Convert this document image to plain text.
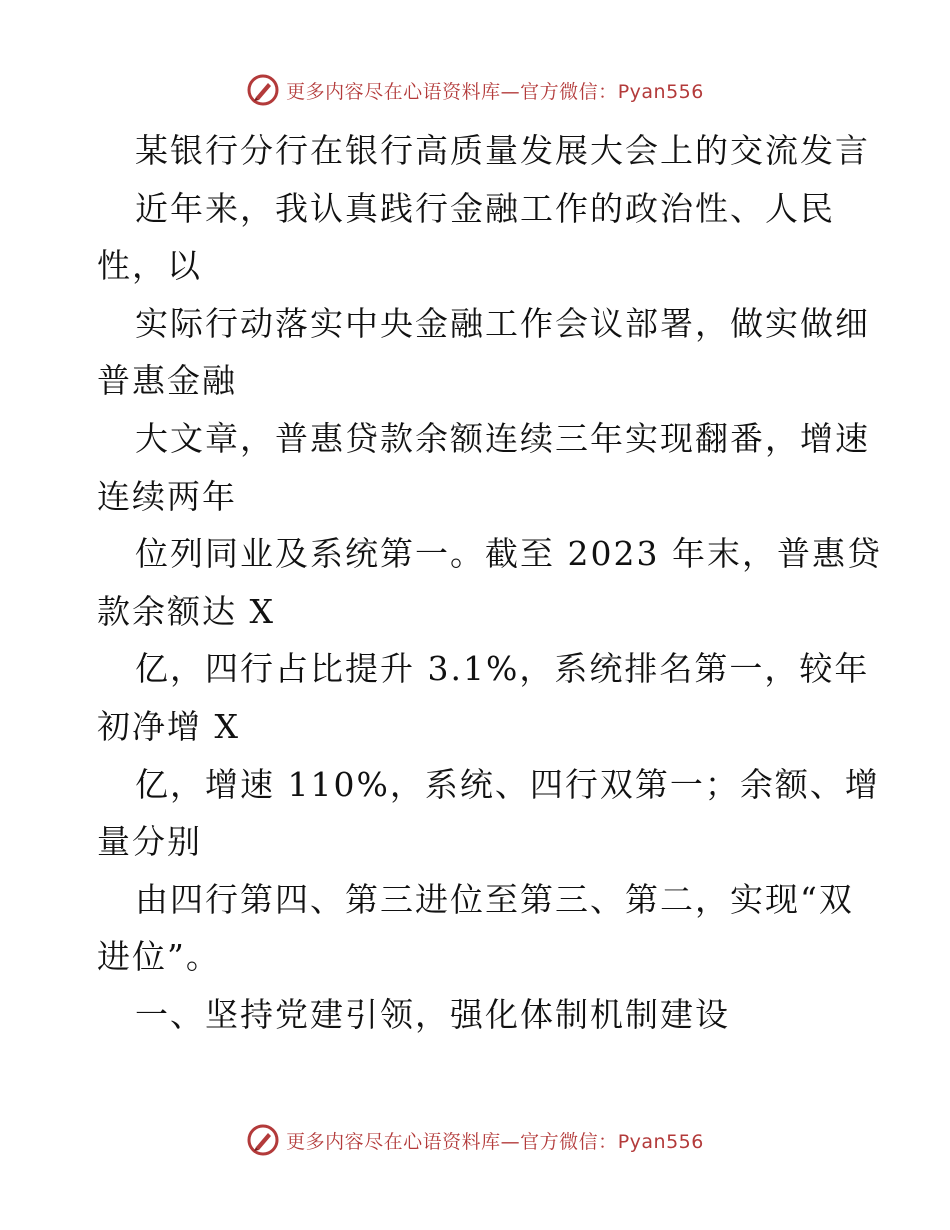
更多内容尽在心语资料库—官方微信：Pyan556
某银行分行在银行高质量发展大会上的交流发言
近年来，我认真践行金融工作的政治性、人民
性，以
实际行动落实中央金融工作会议部署，做实做细
普惠金融
大文章，普惠贷款余额连续三年实现翻番，增速
连续两年
位列同业及系统第一。截至 2023 年末，普惠贷
款余额达 X
亿，四行占比提升 3.1%，系统排名第一，较年
初净增 X
亿，增速 110%，系统、四行双第一；余额、增
量分别
由四行第四、第三进位至第三、第二，实现“双
进位”。
一、坚持党建引领，强化体制机制建设
更多内容尽在心语资料库—官方微信：Pyan556
